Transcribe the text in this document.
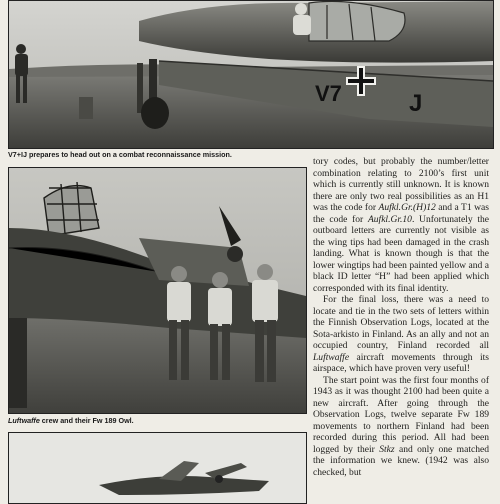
V7	J
V7+IJ prepares to head out on a combat reconnaissance mission.
Luftwaffe crew and their Fw 189 Owl.

tory codes, but probably the number/letter combination relating to 2100’s first unit which is currently still unknown. It is known there are only two real possibilities as an H1 was the code for Aufkl.Gr.(H)12 and a T1 was the code for Aufkl.Gr.10. Unfortunately the outboard letters are currently not visible as the wing tips had been damaged in the crash landing. What is known though is that the lower wingtips had been painted yellow and a black ID letter “H” had been applied which corresponded with its final identity.

For the final loss, there was a need to locate and tie in the two sets of letters within the Finnish Observation Logs, located at the Sota-arkisto in Finland. As an ally and not an occupied country, Finland recorded all Luftwaffe aircraft movements through its airspace, which have proven very useful!

The start point was the first four months of 1943 as it was thought 2100 had been quite a new aircraft. After going through the Observation Logs, twelve separate Fw 189 movements to northern Finland had been recorded during this period. All had been logged by their Stkz and only one matched the information we knew. (1942 was also checked, but
